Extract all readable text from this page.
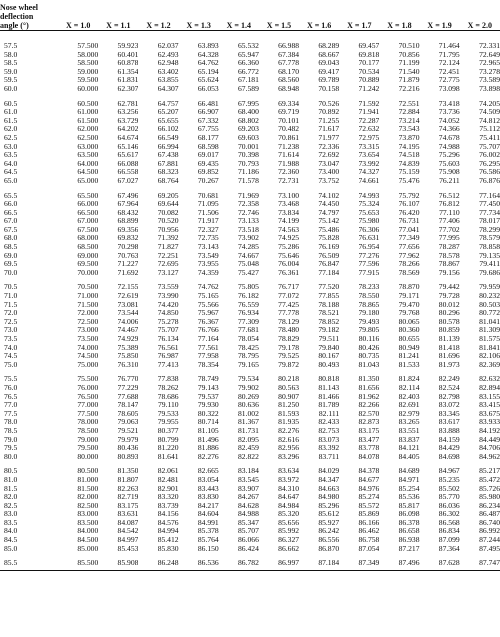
Nose wheel
deflection
angle (°)	X = 1.0	X = 1.1	X = 1.2	X = 1.3	X = 1.4	X = 1.5	X = 1.6	X = 1.7	X = 1.8	X = 1.9	X = 2.0

57.5	57.500	59.923	62.037	63.893	65.532	66.988	68.289	69.457	70.510	71.464	72.331
58.0	58.000	60.401	62.493	64.328	65.947	67.384	68.667	69.818	70.856	71.795	72.649
58.5	58.500	60.878	62.948	64.762	66.360	67.778	69.043	70.177	71.199	72.124	72.965
59.0	59.000	61.354	63.402	65.194	66.772	68.170	69.417	70.534	71.540	72.451	73.278
59.5	59.500	61.831	63.855	65.624	67.181	68.560	69.789	70.889	71.879	72.775	73.589
60.0	60.000	62.307	64.307	66.053	67.589	68.948	70.158	71.242	72.216	73.098	73.898

60.5	60.500	62.781	64.757	66.481	67.995	69.334	70.526	71.592	72.551	73.418	74.205
61.0	61.000	63.256	65.207	66.907	68.400	69.719	70.892	71.941	72.884	73.736	74.509
61.5	61.500	63.729	65.655	67.332	68.802	70.101	71.255	72.287	73.214	74.052	74.812
62.0	62.000	64.202	66.102	67.755	69.203	70.482	71.617	72.632	73.543	74.366	75.112
62.5	62.500	64.674	66.549	68.177	69.603	70.861	71.977	72.975	73.870	74.678	75.411
63.0	63.000	65.146	66.994	68.598	70.001	71.238	72.336	73.315	74.195	74.988	75.707
63.5	63.500	65.617	67.438	69.017	70.398	71.614	72.692	73.654	74.518	75.296	76.002
64.0	64.000	66.088	67.881	69.435	70.793	71.988	73.047	73.992	74.839	75.603	76.295
64.5	64.500	66.558	68.323	69.852	71.186	72.360	73.400	74.327	75.159	75.908	76.586
65.0	65.000	67.027	68.764	70.267	71.578	72.731	73.752	74.661	75.476	76.211	76.876

65.5	65.500	67.496	69.205	70.681	71.969	73.100	74.102	74.993	75.792	76.512	77.164
66.0	66.000	67.964	69.644	71.095	72.358	73.468	74.450	75.324	76.107	76.812	77.450
66.5	66.500	68.432	70.082	71.506	72.746	73.834	74.797	75.653	76.420	77.110	77.734
67.0	67.000	68.899	70.520	71.917	73.133	74.199	75.142	75.980	76.731	77.406	78.017
67.5	67.500	69.356	70.956	72.327	73.518	74.563	75.486	76.306	77.041	77.702	78.299
68.0	68.000	69.832	71.392	72.735	73.902	74.925	75.828	76.631	77.349	77.995	78.579
68.5	68.500	70.298	71.827	73.143	74.285	75.286	76.169	76.954	77.656	78.287	78.858
69.0	69.000	70.763	72.251	73.549	74.667	75.646	76.509	77.276	77.962	78.578	79.135
69.5	69.500	71.227	72.695	73.955	75.048	76.004	76.847	77.596	78.266	78.867	79.411
70.0	70.000	71.692	73.127	74.359	75.427	76.361	77.184	77.915	78.569	79.156	79.686

70.5	70.500	72.155	73.559	74.762	75.805	76.717	77.520	78.233	78.870	79.442	79.959
71.0	71.000	72.619	73.990	75.165	76.182	77.072	77.855	78.550	79.171	79.728	80.232
71.5	71.500	73.081	74.420	75.566	76.559	77.425	78.188	78.865	79.470	80.012	80.503
72.0	72.000	73.544	74.850	75.967	76.934	77.778	78.521	79.180	79.768	80.296	80.772
72.5	72.500	74.006	75.278	76.367	77.309	78.129	78.852	79.493	80.065	80.578	81.041
73.0	73.000	74.467	75.707	76.766	77.681	78.480	79.182	79.805	80.360	80.859	81.309
73.5	73.500	74.929	76.134	77.164	78.054	78.829	79.511	80.116	80.655	81.139	81.575
74.0	74.000	75.389	76.561	77.561	78.425	79.178	79.840	80.426	80.949	81.418	81.841
74.5	74.500	75.850	76.987	77.958	78.795	79.525	80.167	80.735	81.241	81.696	82.106
75.0	75.000	76.310	77.413	78.354	79.165	79.872	80.493	81.043	81.533	81.973	82.369

75.5	75.500	76.770	77.838	78.749	79.534	80.218	80.818	81.350	81.824	82.249	82.632
76.0	76.000	77.229	78.262	79.143	79.902	80.563	81.143	81.656	82.114	82.524	82.894
76.5	76.500	77.688	78.686	79.537	80.269	80.907	81.466	81.962	82.403	82.798	83.155
77.0	77.000	78.147	79.110	79.930	80.636	81.250	81.789	82.266	82.691	83.072	83.415
77.5	77.500	78.605	79.533	80.322	81.002	81.593	82.111	82.570	82.979	83.345	83.675
78.0	78.000	79.063	79.955	80.714	81.367	81.935	82.433	82.873	83.265	83.617	83.933
78.5	78.500	79.521	80.377	81.105	81.731	82.276	82.753	83.175	83.551	83.888	84.192
79.0	79.000	79.979	80.799	81.496	82.095	82.616	83.073	83.477	83.837	84.159	84.449
79.5	79.500	80.436	81.220	81.886	82.459	82.956	83.392	83.778	84.121	84.429	84.706
80.0	80.000	80.893	81.641	82.276	82.822	83.296	83.711	84.078	84.405	84.698	84.962

80.5	80.500	81.350	82.061	82.665	83.184	83.634	84.029	84.378	84.689	84.967	85.217
81.0	81.000	81.807	82.481	83.054	83.545	83.972	84.347	84.677	84.971	85.235	85.472
81.5	81.500	82.263	82.901	83.443	83.907	84.310	84.663	84.976	85.254	85.502	85.726
82.0	82.000	82.719	83.320	83.830	84.267	84.647	84.980	85.274	85.536	85.770	85.980
82.5	82.500	83.175	83.739	84.217	84.628	84.984	85.296	85.572	85.817	86.036	86.234
83.0	83.000	83.631	84.156	84.604	84.988	85.320	85.612	85.869	86.098	86.302	86.487
83.5	83.500	84.087	84.576	84.991	85.347	85.656	85.927	86.166	86.378	86.568	86.740
84.0	84.000	84.542	84.994	85.378	85.707	85.992	86.242	86.462	86.658	86.834	86.992
84.5	84.500	84.997	85.412	85.764	86.066	86.327	86.556	86.758	86.938	87.099	87.244
85.0	85.000	85.453	85.830	86.150	86.424	86.662	86.870	87.054	87.217	87.364	87.495

85.5	85.500	85.908	86.248	86.536	86.782	86.997	87.184	87.349	87.496	87.628	87.747
